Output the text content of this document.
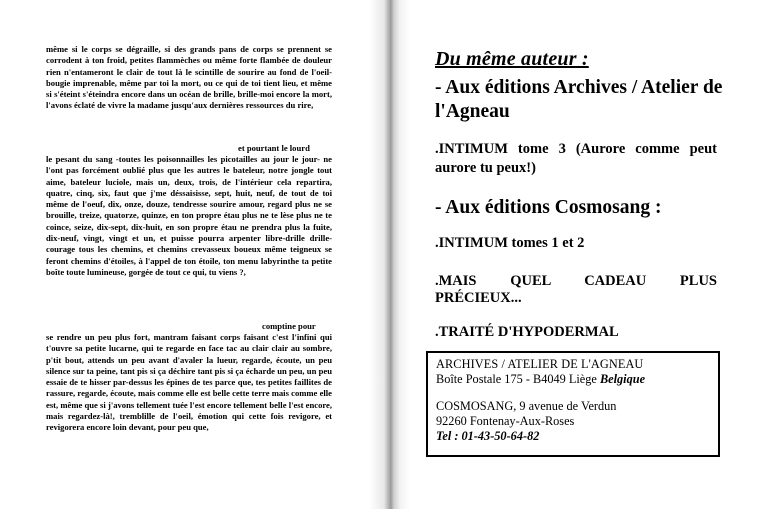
même si le corps se dégraille, si des grands pans de corps se prennent se corrodent à ton froid, petites flammèches ou même forte flambée de douleur rien n'entameront le clair de tout là le scintille de sourire au fond de l'oeil-bougie imprenable, même par toi la mort, ou ce qui de toi tient lieu, et même si s'éteint s'éteindra encore dans un océan de brille, brille-moi encore la mort, l'avons éclaté de vivre la madame jusqu'aux dernières ressources du rire,

et pourtant le lourd

le pesant du sang -toutes les poisonnailles les picotailles au jour le jour- ne l'ont pas forcément oublié plus que les autres le bateleur, notre jongle tout aime, bateleur luciole, mais un, deux, trois, de l'intérieur cela repartira, quatre, cinq, six, faut que j'me déssaisisse, sept, huit, neuf, de tout de toi même de l'oeuf, dix, onze, douze, tendresse sourire amour, regard plus ne se brouille, treize, quatorze, quinze, en ton propre étau plus ne te lèse plus ne te coince, seize, dix-sept, dix-huit, en son propre étau ne prendra plus la fuite, dix-neuf, vingt, vingt et un, et puisse pourra arpenter libre-drille drille-courage tous les chemins, et chemins crevasseux boueux même teigneux se feront chemins d'étoiles, à l'appel de ton étoile, ton menu labyrinthe ta petite boîte toute lumineuse, gorgée de tout ce qui, tu viens ?,

comptine pour

se rendre un peu plus fort, mantram faisant corps faisant c'est l'infini qui t'ouvre sa petite lucarne, qui te regarde en face tac au clair clair au sombre, p'tit bout, attends un peu avant d'avaler la lueur, regarde, écoute, un peu silence sur ta peine, tant pis si ça déchire tant pis si ça écharde un peu, un peu essaie de te hisser par-dessus les épines de tes parce que, tes petites faillites de rassure, regarde, écoute, mais comme elle est belle cette terre mais comme elle est, même que si j'avons tellement tuée l'est encore tellement belle l'est encore, mais regardez-là!, tremblille de l'oeil, émotion qui cette fois revigore, et revigorera encore loin devant, pour peu que,

Du même auteur :

- Aux éditions Archives / Atelier de l'Agneau

.INTIMUM tome 3 (Aurore comme peut aurore tu peux!)

- Aux éditions Cosmosang :

.INTIMUM tomes 1 et 2

.MAIS QUEL CADEAU PLUS

PRÉCIEUX...

.TRAITÉ D'HYPODERMAL

ARCHIVES / ATELIER DE L'AGNEAU

Boîte Postale 175 - B4049 Liège Belgique

COSMOSANG, 9 avenue de Verdun

92260 Fontenay-Aux-Roses

Tel : 01-43-50-64-82
